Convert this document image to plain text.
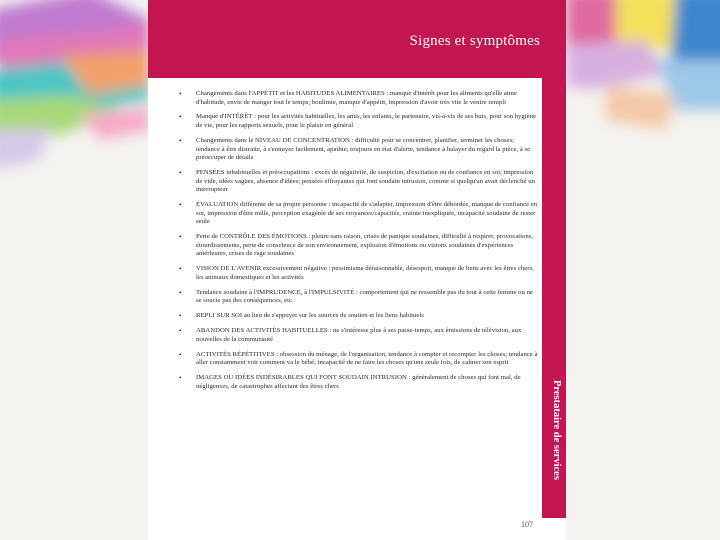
Signes et symptômes
Prestataire de services
• Changements dans l'APPÉTIT et les HABITUDES ALIMENTAIRES : manque d'intérêt pour les aliments qu'elle aime d'habitude, envie de manger tout le temps, boulimie, manque d'appétit, impression d'avoir très vite le ventre rempli
• Manque d'INTÉRÊT : pour les activités habituelles, les amis, les enfants, le partenaire, vis-à-vis de ses buts, pour son hygiène de vie, pour les rapports sexuels, pour le plaisir en général
• Changements dans le NIVEAU DE CONCENTRATION : difficulté pour se concentrer, planifier, terminer les choses; tendance à être distraite, à s'ennuyer facilement, apathie; toujours en état d'alerte, tendance à balayer du regard la pièce, à se préoccuper de détails
• PENSÉES inhabituelles et préoccupations : excès de négativité, de suspicion, d'excitation ou de confiance en soi; impression de vide, idées vagues, absence d'idées; pensées effrayantes qui font soudain intrusion, comme si quelqu'un avait déclenché un interrupteur
• ÉVALUATION différente de sa propre personne : incapacité de s'adapter, impression d'être débordée, manque de confiance en soi, impression d'être nulle, perception exagérée de ses croyances/capacités, crainte inexpliquée, incapacité soudaine de rester seule
• Perte de CONTRÔLE DES ÉMOTIONS : pleure sans raison, crises de panique soudaines, difficulté à respirer, provocations, étourdissements, perte de conscience de son environnement, explosion d'émotions ou visions soudaines d'expériences antérieures, crises de rage soudaines
• VISION DE L'AVENIR excessivement négative : pessimisme déraisonnable, désespoir, manque de liens avec les êtres chers, les animaux domestiques et les activités
• Tendance soudaine à l'IMPRUDENCE, à l'IMPULSIVITÉ : comportement qui ne ressemble pas du tout à cette femme ou ne se soucie pas des conséquences, etc.
• REPLI SUR SOI au lieu de s'appuyer sur les sources de soutien et les liens habituels
• ABANDON DES ACTIVITÉS HABITUELLES : ne s'intéresse plus à ses passe-temps, aux émissions de télévision, aux nouvelles de la communauté
• ACTIVITÉS RÉPÉTITIVES : obsession du ménage, de l'organisation, tendance à compter et recompter les choses; tendance à aller constamment voir comment va le bébé; incapacité de ne faire les choses qu'une seule fois, de calmer son esprit
• IMAGES OU IDÉES INDÉSIRABLES QUI FONT SOUDAIN INTRUSION : généralement de choses qui font mal, de négligences, de catastrophes affectant des êtres chers
107
